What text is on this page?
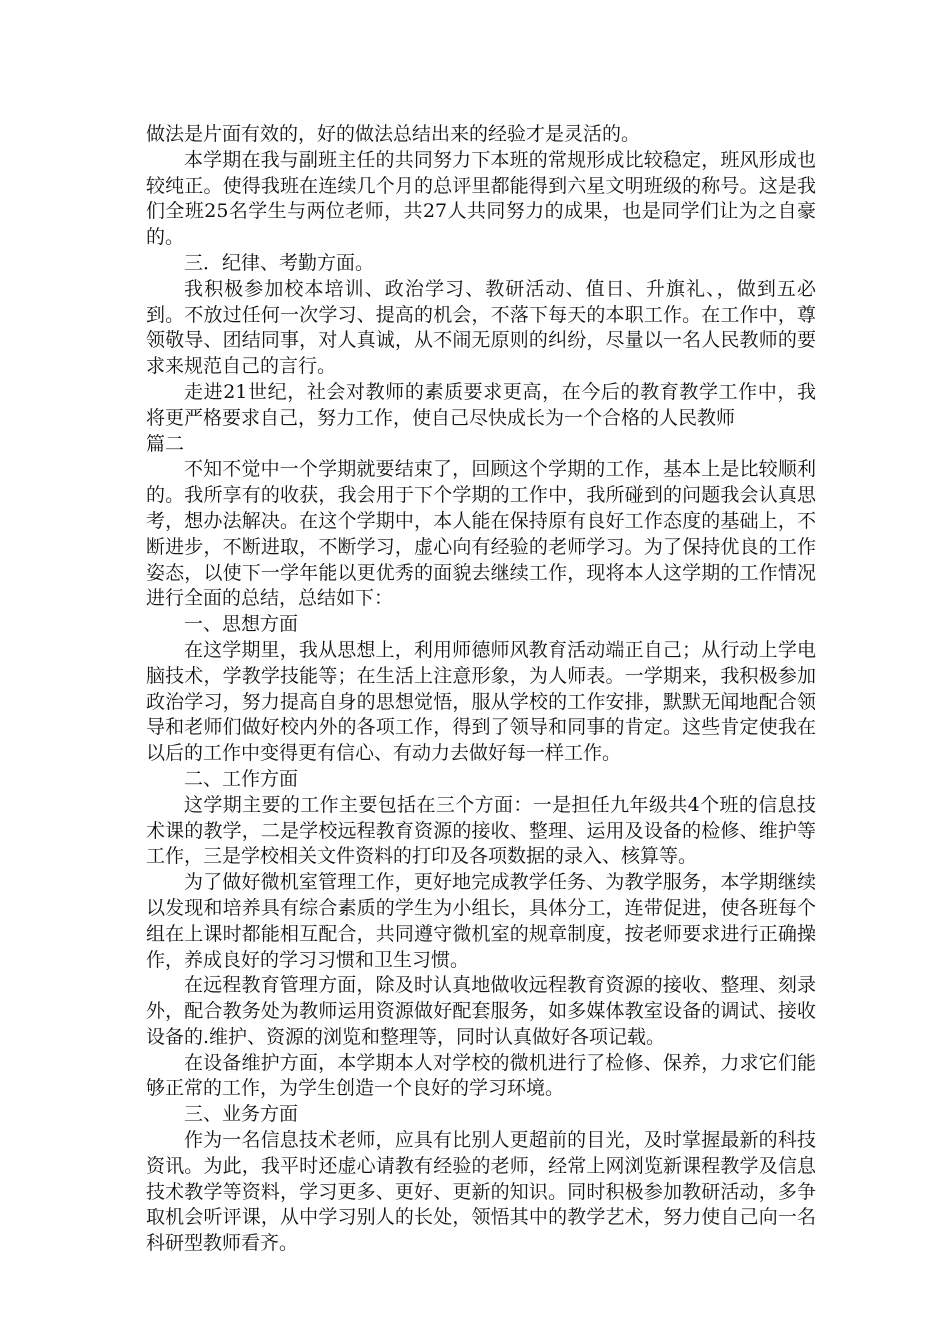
做法是片面有效的，好的做法总结出来的经验才是灵活的。

本学期在我与副班主任的共同努力下本班的常规形成比较稳定，班风形成也较纯正。使得我班在连续几个月的总评里都能得到六星文明班级的称号。这是我们全班25名学生与两位老师，共27人共同努力的成果，也是同学们让为之自豪的。

三．纪律、考勤方面。

我积极参加校本培训、政治学习、教研活动、值日、升旗礼、，做到五必到。不放过任何一次学习、提高的机会，不落下每天的本职工作。在工作中，尊领敬导、团结同事，对人真诚，从不闹无原则的纠纷，尽量以一名人民教师的要求来规范自己的言行。

走进21世纪，社会对教师的素质要求更高，在今后的教育教学工作中，我将更严格要求自己，努力工作，使自己尽快成长为一个合格的人民教师

篇二

不知不觉中一个学期就要结束了，回顾这个学期的工作，基本上是比较顺利的。我所享有的收获，我会用于下个学期的工作中，我所碰到的问题我会认真思考，想办法解决。在这个学期中，本人能在保持原有良好工作态度的基础上，不断进步，不断进取，不断学习，虚心向有经验的老师学习。为了保持优良的工作姿态，以使下一学年能以更优秀的面貌去继续工作，现将本人这学期的工作情况进行全面的总结，总结如下：

一、思想方面

在这学期里，我从思想上，利用师德师风教育活动端正自己；从行动上学电脑技术，学教学技能等；在生活上注意形象，为人师表。一学期来，我积极参加政治学习，努力提高自身的思想觉悟，服从学校的工作安排，默默无闻地配合领导和老师们做好校内外的各项工作，得到了领导和同事的肯定。这些肯定使我在以后的工作中变得更有信心、有动力去做好每一样工作。

二、工作方面

这学期主要的工作主要包括在三个方面：一是担任九年级共4个班的信息技术课的教学，二是学校远程教育资源的接收、整理、运用及设备的检修、维护等工作，三是学校相关文件资料的打印及各项数据的录入、核算等。

为了做好微机室管理工作，更好地完成教学任务、为教学服务，本学期继续以发现和培养具有综合素质的学生为小组长，具体分工，连带促进，使各班每个组在上课时都能相互配合，共同遵守微机室的规章制度，按老师要求进行正确操作，养成良好的学习习惯和卫生习惯。

在远程教育管理方面，除及时认真地做收远程教育资源的接收、整理、刻录外，配合教务处为教师运用资源做好配套服务，如多媒体教室设备的调试、接收设备的.维护、资源的浏览和整理等，同时认真做好各项记载。

在设备维护方面，本学期本人对学校的微机进行了检修、保养，力求它们能够正常的工作，为学生创造一个良好的学习环境。

三、业务方面

作为一名信息技术老师，应具有比别人更超前的目光，及时掌握最新的科技资讯。为此，我平时还虚心请教有经验的老师，经常上网浏览新课程教学及信息技术教学等资料，学习更多、更好、更新的知识。同时积极参加教研活动，多争取机会听评课，从中学习别人的长处，领悟其中的教学艺术，努力使自己向一名科研型教师看齐。
